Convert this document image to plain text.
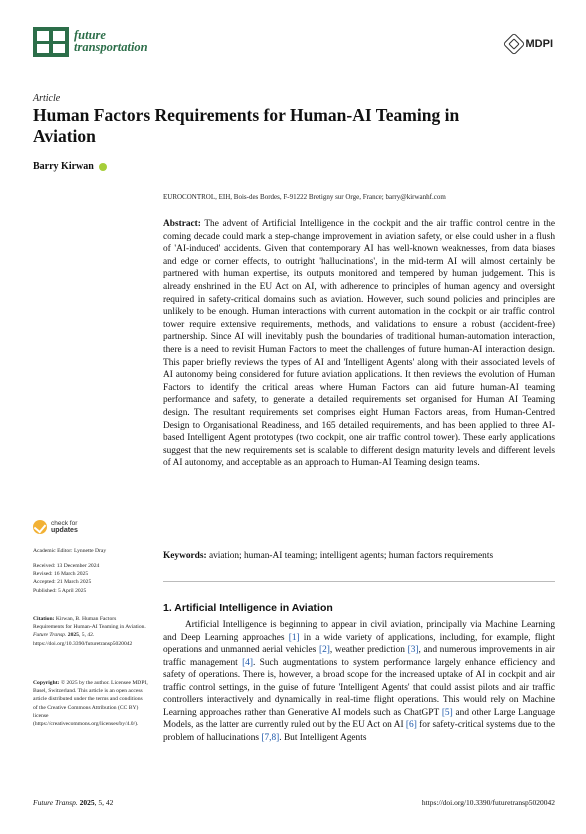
future
transportation	MDPI
Article
Human Factors Requirements for Human-AI Teaming in Aviation
Barry Kirwan
EUROCONTROL, EIH, Bois-des Bordes, F-91222 Bretigny sur Orge, France; barry@kirwanhf.com
Abstract: The advent of Artificial Intelligence in the cockpit and the air traffic control centre in the coming decade could mark a step-change improvement in aviation safety, or else could usher in a flush of 'AI-induced' accidents. Given that contemporary AI has well-known weaknesses, from data biases and edge or corner effects, to outright 'hallucinations', in the mid-term AI will almost certainly be partnered with human expertise, its outputs monitored and tempered by human judgement. This is already enshrined in the EU Act on AI, with adherence to principles of human agency and oversight required in safety-critical domains such as aviation. However, such sound policies and principles are unlikely to be enough. Human interactions with current automation in the cockpit or air traffic control tower require extensive requirements, methods, and validations to ensure a robust (accident-free) partnership. Since AI will inevitably push the boundaries of traditional human-automation interaction, there is a need to revisit Human Factors to meet the challenges of future human-AI interaction design. This paper briefly reviews the types of AI and 'Intelligent Agents' along with their associated levels of AI autonomy being considered for future aviation applications. It then reviews the evolution of Human Factors to identify the critical areas where Human Factors can aid future human-AI teaming performance and safety, to generate a detailed requirements set organised for Human AI Teaming design. The resultant requirements set comprises eight Human Factors areas, from Human-Centred Design to Organisational Readiness, and 165 detailed requirements, and has been applied to three AI-based Intelligent Agent prototypes (two cockpit, one air traffic control tower). These early applications suggest that the new requirements set is scalable to different design maturity levels and different levels of AI autonomy, and acceptable as an approach to Human-AI Teaming design teams.
Keywords: aviation; human-AI teaming; intelligent agents; human factors requirements
1. Artificial Intelligence in Aviation

Artificial Intelligence is beginning to appear in civil aviation, principally via Machine Learning and Deep Learning approaches [1] in a wide variety of applications, including, for example, flight operations and unmanned aerial vehicles [2], weather prediction [3], and numerous improvements in air traffic management [4]. Such augmentations to system performance largely enhance efficiency and safety of operations. There is, however, a broad scope for the increased uptake of AI in cockpit and air traffic control settings, in the guise of future 'Intelligent Agents' that could assist pilots and air traffic controllers interactively and dynamically in real-time flight operations. This would rely on Machine Learning approaches rather than Generative AI models such as ChatGPT [5] and other Large Language Models, as the latter are currently ruled out by the EU Act on AI [6] for safety-critical systems due to the problem of hallucinations [7,8]. But Intelligent Agents

check for
updates
Academic Editor: Lynnette Dray
Received: 13 December 2024
Revised: 16 March 2025
Accepted: 21 March 2025
Published: 5 April 2025
Citation: Kirwan, B. Human Factors Requirements for Human-AI Teaming in Aviation. Future Transp. 2025, 5, 42. https://doi.org/10.3390/futuretransp5020042
Copyright: © 2025 by the author. Licensee MDPI, Basel, Switzerland. This article is an open access article distributed under the terms and conditions of the Creative Commons Attribution (CC BY) license (https://creativecommons.org/licenses/by/4.0/).
Future Transp. 2025, 5, 42	https://doi.org/10.3390/futuretransp5020042
